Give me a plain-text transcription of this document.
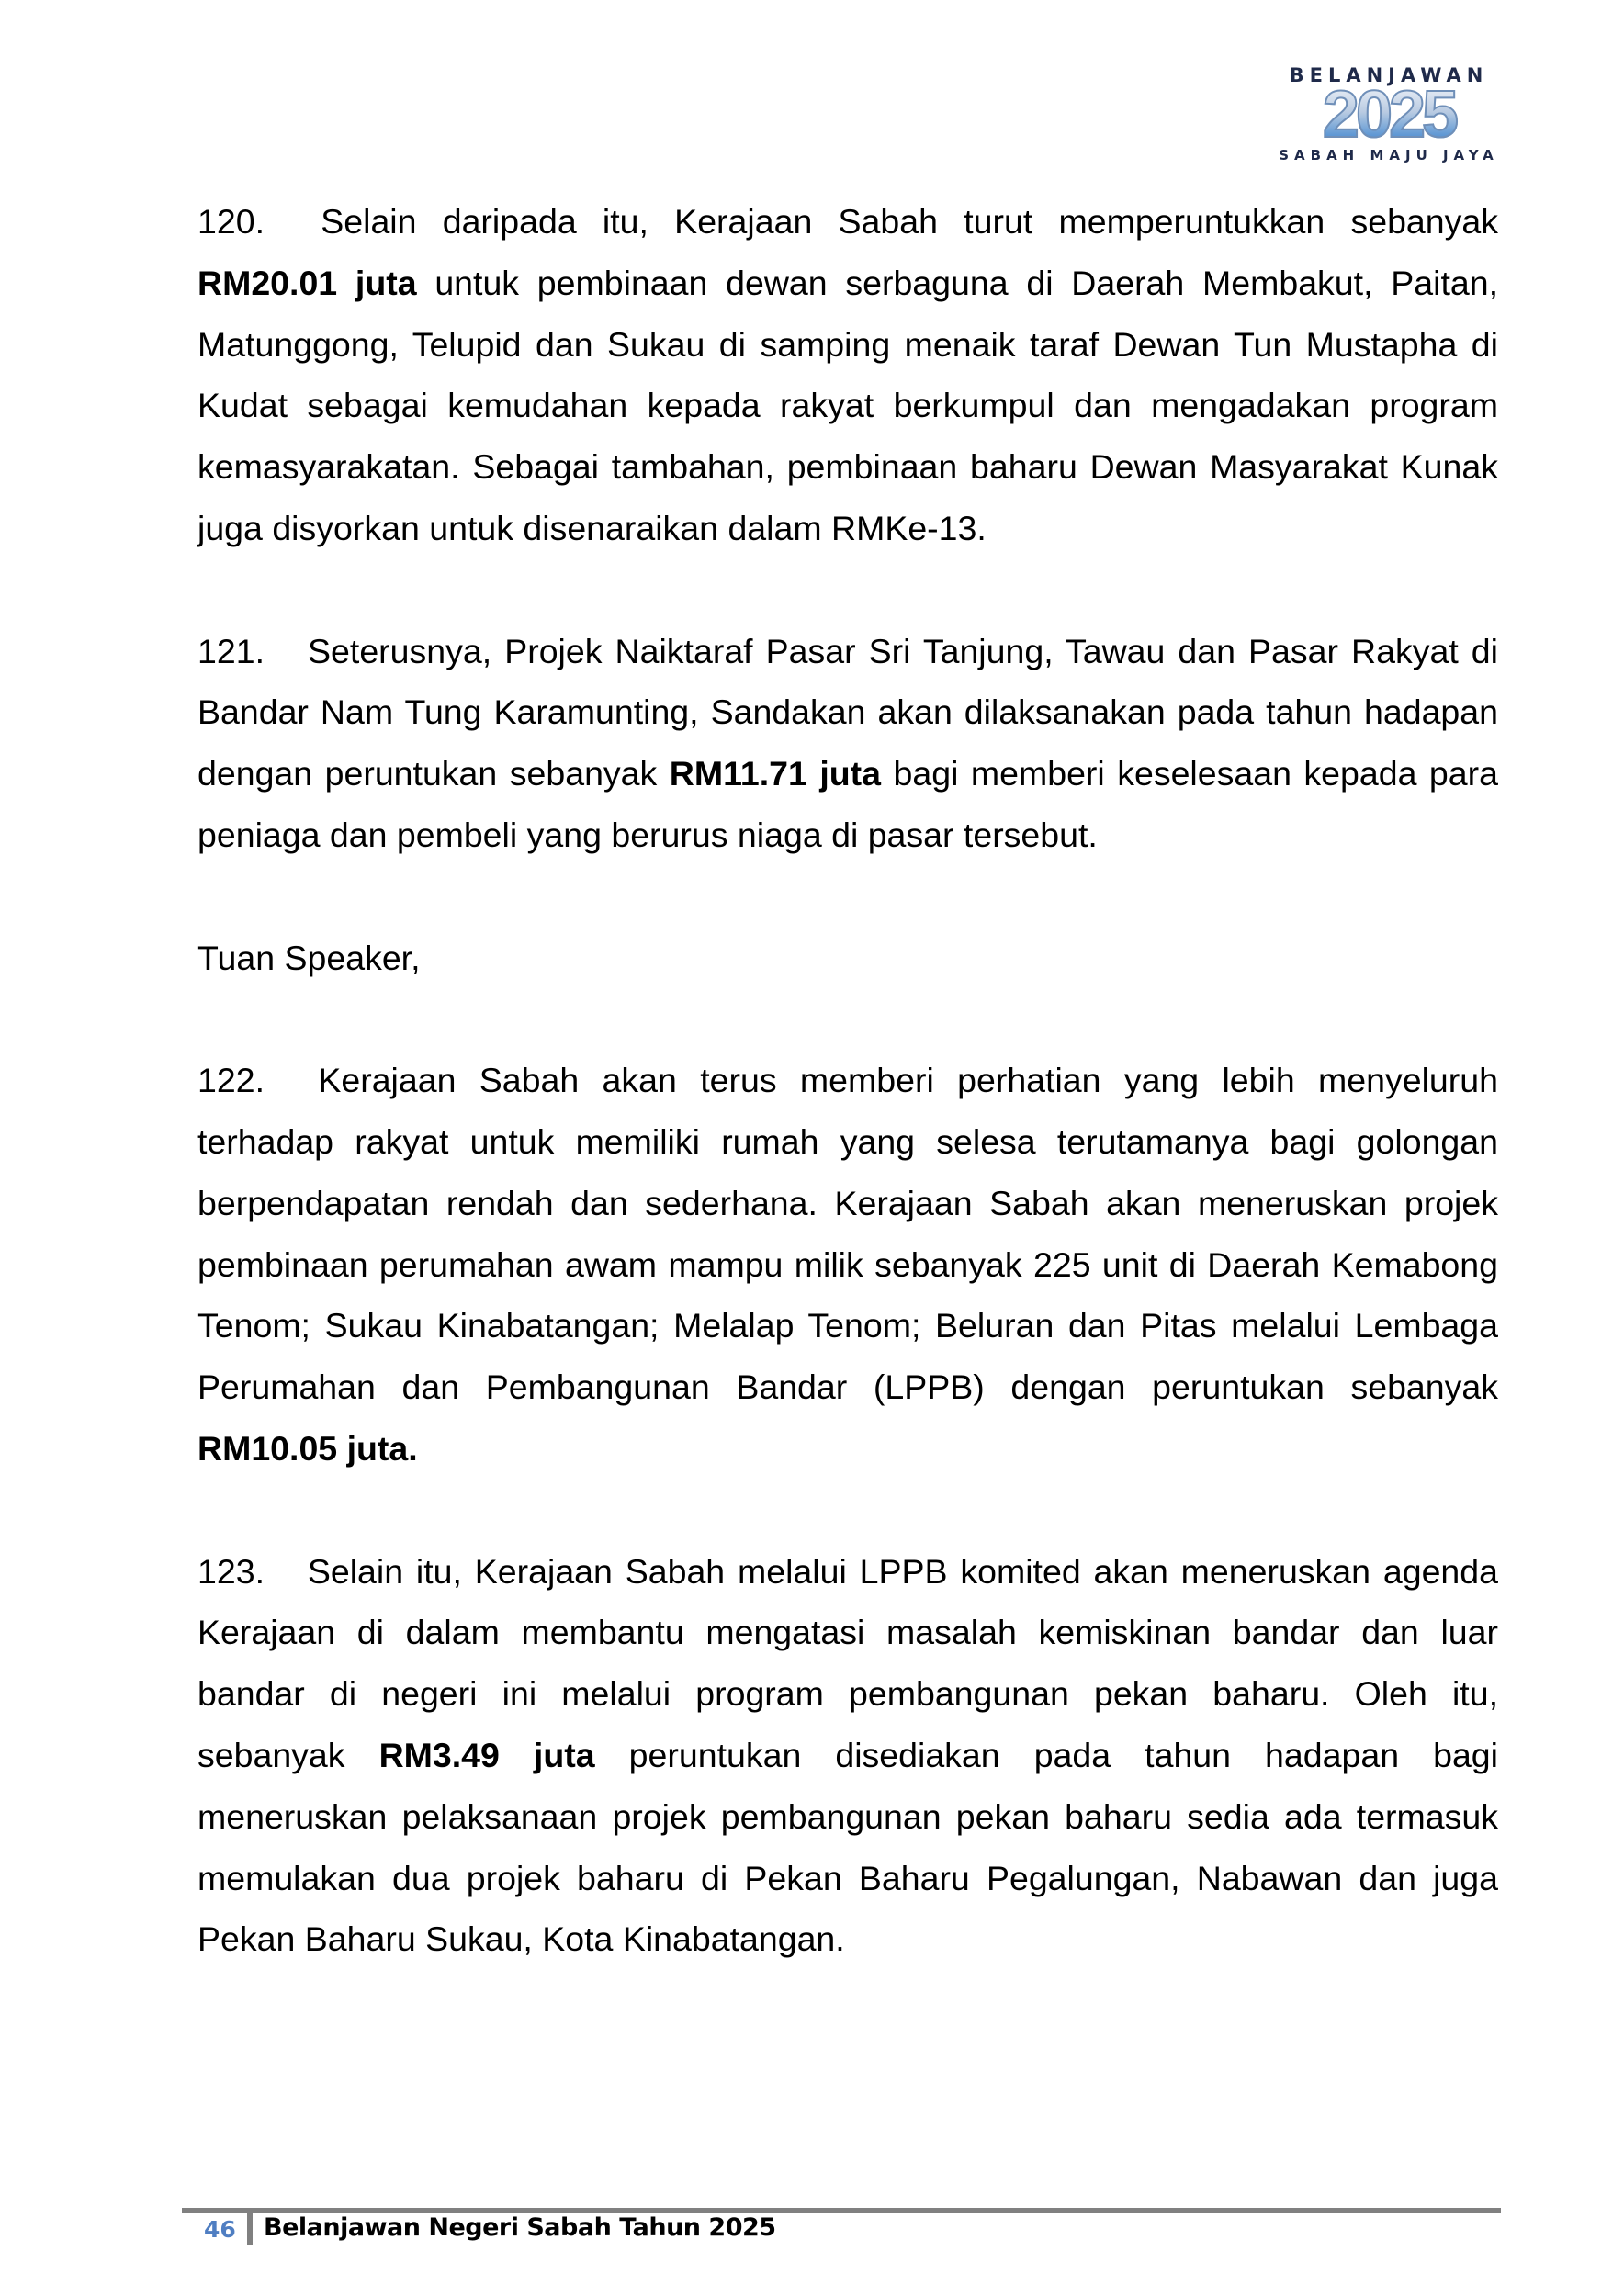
BELANJAWAN
2025
SABAH MAJU JAYA

120. Selain daripada itu, Kerajaan Sabah turut memperuntukkan sebanyak RM20.01 juta untuk pembinaan dewan serbaguna di Daerah Membakut, Paitan, Matunggong, Telupid dan Sukau di samping menaik taraf Dewan Tun Mustapha di Kudat sebagai kemudahan kepada rakyat berkumpul dan mengadakan program kemasyarakatan. Sebagai tambahan, pembinaan baharu Dewan Masyarakat Kunak juga disyorkan untuk disenaraikan dalam RMKe-13.

121. Seterusnya, Projek Naiktaraf Pasar Sri Tanjung, Tawau dan Pasar Rakyat di Bandar Nam Tung Karamunting, Sandakan akan dilaksanakan pada tahun hadapan dengan peruntukan sebanyak RM11.71 juta bagi memberi keselesaan kepada para peniaga dan pembeli yang berurus niaga di pasar tersebut.

Tuan Speaker,

122. Kerajaan Sabah akan terus memberi perhatian yang lebih menyeluruh terhadap rakyat untuk memiliki rumah yang selesa terutamanya bagi golongan berpendapatan rendah dan sederhana. Kerajaan Sabah akan meneruskan projek pembinaan perumahan awam mampu milik sebanyak 225 unit di Daerah Kemabong Tenom; Sukau Kinabatangan; Melalap Tenom; Beluran dan Pitas melalui Lembaga Perumahan dan Pembangunan Bandar (LPPB) dengan peruntukan sebanyak RM10.05 juta.

123. Selain itu, Kerajaan Sabah melalui LPPB komited akan meneruskan agenda Kerajaan di dalam membantu mengatasi masalah kemiskinan bandar dan luar bandar di negeri ini melalui program pembangunan pekan baharu. Oleh itu, sebanyak RM3.49 juta peruntukan disediakan pada tahun hadapan bagi meneruskan pelaksanaan projek pembangunan pekan baharu sedia ada termasuk memulakan dua projek baharu di Pekan Baharu Pegalungan, Nabawan dan juga Pekan Baharu Sukau, Kota Kinabatangan.

46 Belanjawan Negeri Sabah Tahun 2025
